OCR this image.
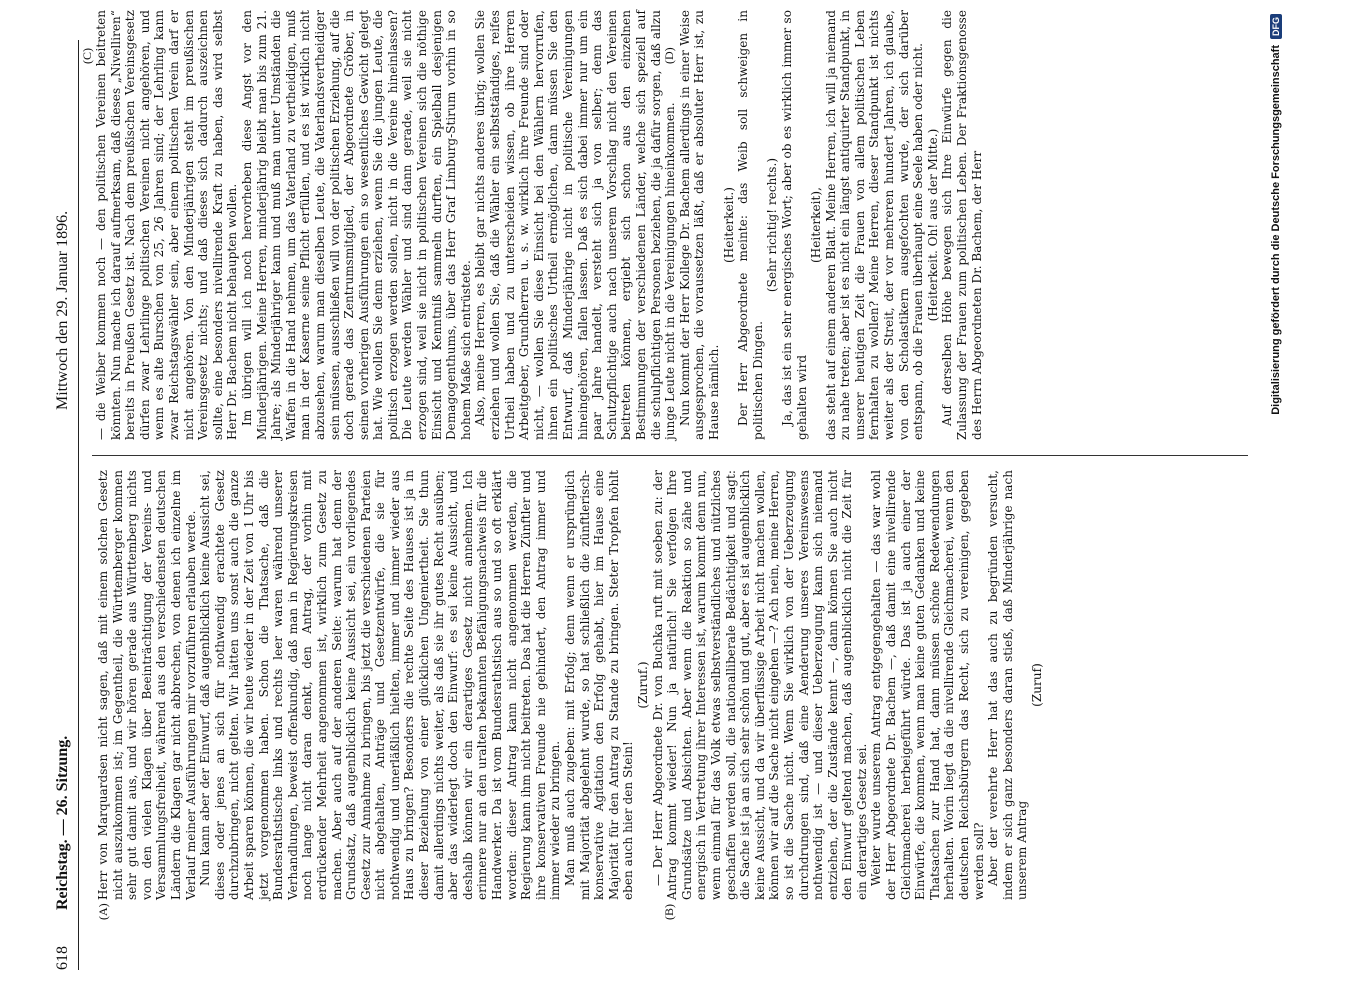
618
Reichstag. — 26. Sitzung.
Mittwoch den 29. Januar 1896.
(A)	(B)
(C)	(D)

Herr von Marquardsen nicht sagen, daß mit einem solchen Gesetz nicht auszukommen ist; im Gegentheil, die Württemberger kommen sehr gut damit aus, und wir hören gerade aus Württemberg nichts von den vielen Klagen über Beeinträchtigung der Vereins- und Versammlungsfreiheit, während aus den verschiedensten deutschen Ländern die Klagen gar nicht abbrechen, von denen ich einzelne im Verlauf meiner Ausführungen mir vorzuführen erlauben werde. Nun kann aber der Einwurf, daß augenblicklich keine Aussicht sei, dieses oder jenes an sich für nothwendig erachtete Gesetz durchzubringen, nicht gelten. Wir hätten uns sonst auch die ganze Arbeit sparen können, die wir heute wieder in der Zeit von 1 Uhr bis jetzt vorgenommen haben. Schon die Thatsache, daß die Bundesrathstische links und rechts leer waren während unserer Verhandlungen, beweist offenkundig, daß man in Regierungskreisen noch lange nicht daran denkt, den Antrag, der vorhin mit erdrückender Mehrheit angenommen ist, wirklich zum Gesetz zu machen. Aber auch auf der anderen Seite: warum hat denn der Grundsatz, daß augenblicklich keine Aussicht sei, ein vorliegendes Gesetz zur Annahme zu bringen, bis jetzt die verschiedenen Parteien nicht abgehalten, Anträge und Gesetzentwürfe, die sie für nothwendig und unerläßlich hielten, immer und immer wieder aus Haus zu bringen? Besonders die rechte Seite des Hauses ist ja in dieser Beziehung von einer glücklichen Ungeniertheit. Sie thun damit allerdings nichts weiter, als daß sie ihr gutes Recht ausüben; aber das widerlegt doch den Einwurf: es sei keine Aussicht, und deshalb können wir ein derartiges Gesetz nicht annehmen. Ich erinnere nur an den uralten bekannten Befähigungsnachweis für die Handwerker. Da ist vom Bundesrathstisch aus so und so oft erklärt worden: dieser Antrag kann nicht angenommen werden, die Regierung kann ihm nicht beitreten. Das hat die Herren Zünftler und ihre konservativen Freunde nie gehindert, den Antrag immer und immer wieder zu bringen. Man muß auch zugeben: mit Erfolg; denn wenn er ursprünglich mit Majorität abgelehnt wurde, so hat schließlich die zünftlerisch-konservative Agitation den Erfolg gehabt, hier im Hause eine Majorität für den Antrag zu Stande zu bringen. Steter Tropfen höhlt eben auch hier den Stein!

(Zuruf.) — Der Herr Abgeordnete Dr. von Buchka ruft mit soeben zu: der Antrag kommt wieder! Nun ja natürlich! Sie verfolgen Ihre Grundsätze und Absichten. Aber wenn die Reaktion so zähe und energisch in Vertretung ihrer Interessen ist, warum kommt denn nun, wenn einmal für das Volk etwas selbstverständliches und nützliches geschaffen werden soll, die nationalliberale Bedächtigkeit und sagt: die Sache ist ja an sich sehr schön und gut, aber es ist augenblicklich keine Aussicht, und da wir überflüssige Arbeit nicht machen wollen, können wir auf die Sache nicht eingehen —? Ach nein, meine Herren, so ist die Sache nicht. Wenn Sie wirklich von der Ueberzeugung durchdrungen sind, daß eine Aenderung unseres Vereinswesens nothwendig ist — und dieser Ueberzeugung kann sich niemand entziehen, der die Zustände kennt —, dann können Sie auch nicht den Einwurf geltend machen, daß augenblicklich nicht die Zeit für ein derartiges Gesetz sei. Weiter wurde unserem Antrag entgegengehalten — das war wohl der Herr Abgeordnete Dr. Bachem —, daß damit eine nivellirende Gleichmacherei herbeigeführt würde. Das ist ja auch einer der Einwürfe, die kommen, wenn man keine guten Gedanken und keine Thatsachen zur Hand hat, dann müssen schöne Redewendungen herhalten. Worin liegt da die nivellirende Gleichmacherei, wenn den deutschen Reichsbürgern das Recht, sich zu vereinigen, gegeben werden soll? Aber der verehrte Herr hat das auch zu begründen versucht, indem er sich ganz besonders daran stieß, daß Minderjährige nach unserem Antrag

(Zuruf)

— die Weiber kommen noch — den politischen Vereinen beitreten könnten. Nun mache ich darauf aufmerksam, daß dieses „Nivelliren“ bereits in Preußen Gesetz ist. Nach dem preußischen Vereinsgesetz dürfen zwar Lehrlinge politischen Vereinen nicht angehören, und wenn es alte Burschen von 25, 26 Jahren sind; der Lehrling kann zwar Reichstagswähler sein, aber einem politischen Verein darf er nicht angehören. Von den Minderjährigen steht im preußischen Vereinsgesetz nichts; und daß dieses sich dadurch auszeichnen sollte, eine besonders nivellirende Kraft zu haben, das wird selbst Herr Dr. Bachem nicht behaupten wollen. Im übrigen will ich noch hervorheben diese Angst vor den Minderjährigen. Meine Herren, minderjährig bleibt man bis zum 21. Jahre; als Minderjähriger kann und muß man unter Umständen die Waffen in die Hand nehmen, um das Vaterland zu vertheidigen, muß man in der Kaserne seine Pflicht erfüllen, und es ist wirklich nicht abzusehen, warum man dieselben Leute, die Vaterlandsvertheidiger sein müssen, ausschließen will von der politischen Erziehung, auf die doch gerade das Zentrumsmitglied, der Abgeordnete Gröber, in seinen vorherigen Ausführungen ein so wesentliches Gewicht gelegt hat. Wie wollen Sie denn erziehen, wenn Sie die jungen Leute, die politisch erzogen werden sollen, nicht in die Vereine hineinlassen? Die Leute werden Wähler und sind dann gerade, weil sie nicht erzogen sind, weil sie nicht in politischen Vereinen sich die nöthige Einsicht und Kenntniß sammeln durften, ein Spielball desjenigen Demagogenthums, über das Herr Graf Limburg-Stirum vorhin in so hohem Maße sich entrüstete. Also, meine Herren, es bleibt gar nichts anderes übrig; wollen Sie erziehen und wollen Sie, daß die Wähler ein selbstständiges, reifes Urtheil haben und zu unterscheiden wissen, ob ihre Herren Arbeitgeber, Grundherren u. s. w. wirklich ihre Freunde sind oder nicht, — wollen Sie diese Einsicht bei den Wählern hervorrufen, ihnen ein politisches Urtheil ermöglichen, dann müssen Sie den Entwurf, daß Minderjährige nicht in politische Vereinigungen hineingehören, fallen lassen. Daß es sich dabei immer nur um ein paar Jahre handelt, versteht sich ja von selber; denn das Schutzpflichtige auch nach unserem Vorschlag nicht den Vereinen beitreten können, ergiebt sich schon aus den einzelnen Bestimmungen der verschiedenen Länder, welche sich speziell auf die schulpflichtigen Personen beziehen, die ja dafür sorgen, daß allzu junge Leute nicht in die Vereinigungen hineinkommen. Nun kommt der Herr Kollege Dr. Bachem allerdings in einer Weise ausgesprochen, die voraussetzen läßt, daß er absoluter Herr ist, zu Hause nämlich.

(Heiterkeit.) Der Herr Abgeordnete meinte: das Weib soll schweigen in politischen Dingen.

(Sehr richtig! rechts.) Ja, das ist ein sehr energisches Wort; aber ob es wirklich immer so gehalten wird

(Heiterkeit), das steht auf einem anderen Blatt. Meine Herren, ich will ja niemand zu nahe treten; aber ist es nicht ein längst antiquirter Standpunkt, in unserer heutigen Zeit die Frauen von allem politischen Leben fernhalten zu wollen? Meine Herren, dieser Standpunkt ist nichts weiter als der Streit, der vor mehreren hundert Jahren, ich glaube, von den Scholastikern ausgefochten wurde, der sich darüber entspann, ob die Frauen überhaupt eine Seele haben oder nicht. (Heiterkeit. Oh! aus der Mitte.) Auf derselben Höhe bewegen sich Ihre Einwürfe gegen die Zulassung der Frauen zum politischen Leben. Der Fraktionsgenosse des Herrn Abgeordneten Dr. Bachem, der Herr	Digitalisierung gefördert durch die Deutsche Forschungsgemeinschaft
DFG
